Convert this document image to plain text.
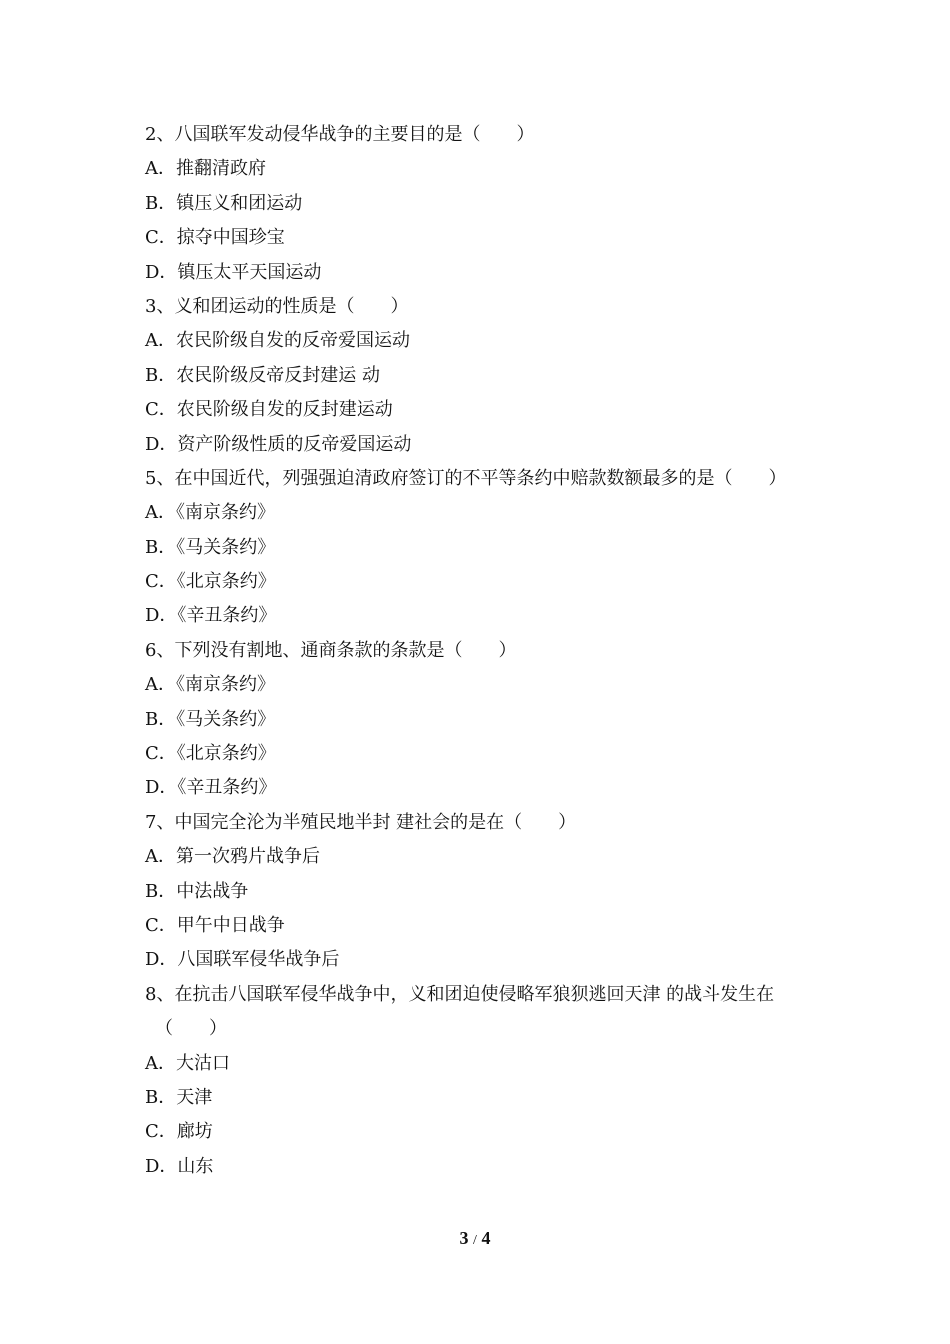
2、八国联军发动侵华战争的主要目的是（　　）
A．推翻清政府
B．镇压义和团运动
C．掠夺中国珍宝
D．镇压太平天国运动
3、义和团运动的性质是（　　）
A．农民阶级自发的反帝爱国运动
B．农民阶级反帝反封建运 动
C．农民阶级自发的反封建运动
D．资产阶级性质的反帝爱国运动
5、在中国近代，列强强迫清政府签订的不平等条约中赔款数额最多的是（　　）
A．《南京条约》
B．《马关条约》
C．《北京条约》
D．《辛丑条约》
6、下列没有割地、通商条款的条款是（　　）
A．《南京条约》
B．《马关条约》
C．《北京条约》
D．《辛丑条约》
7、中国完全沦为半殖民地半封 建社会的是在（　　）
A．第一次鸦片战争后
B．中法战争
C．甲午中日战争
D．八国联军侵华战争后
8、在抗击八国联军侵华战争中，义和团迫使侵略军狼狈逃回天津 的战斗发生在
（　　）
A．大沽口
B．天津
C．廊坊
D．山东
3 / 4
